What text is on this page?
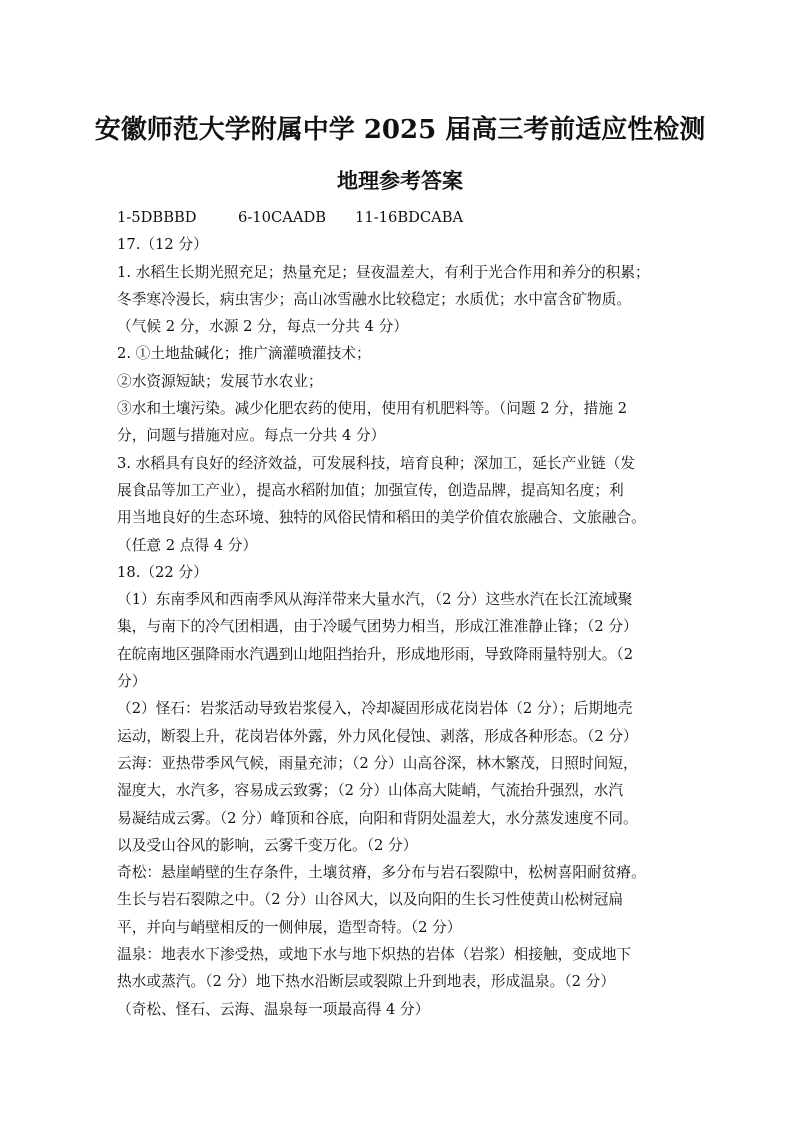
安徽师范大学附属中学 2025 届高三考前适应性检测
地理参考答案
1-5DBBBD	6-10CAADB	11-16BDCABA
17.（12 分）
1. 水稻生长期光照充足；热量充足；昼夜温差大，有利于光合作用和养分的积累；
冬季寒冷漫长，病虫害少；高山冰雪融水比较稳定；水质优；水中富含矿物质。
（气候 2 分，水源 2 分，每点一分共 4 分）
2. ①土地盐碱化；推广滴灌喷灌技术；
②水资源短缺；发展节水农业；
③水和土壤污染。减少化肥农药的使用，使用有机肥料等。（问题 2 分，措施 2
分，问题与措施对应。每点一分共 4 分）
3. 水稻具有良好的经济效益，可发展科技，培育良种；深加工，延长产业链（发
展食品等加工产业），提高水稻附加值；加强宣传，创造品牌，提高知名度；利
用当地良好的生态环境、独特的风俗民情和稻田的美学价值农旅融合、文旅融合。
（任意 2 点得 4 分）
18.（22 分）
（1）东南季风和西南季风从海洋带来大量水汽，（2 分）这些水汽在长江流域聚
集，与南下的冷气团相遇，由于冷暖气团势力相当，形成江淮准静止锋；（2 分）
在皖南地区强降雨水汽遇到山地阻挡抬升，形成地形雨，导致降雨量特别大。（2
分）
（2）怪石：岩浆活动导致岩浆侵入，冷却凝固形成花岗岩体（2 分）；后期地壳
运动，断裂上升，花岗岩体外露，外力风化侵蚀、剥落，形成各种形态。（2 分）
云海：亚热带季风气候，雨量充沛；（2 分）山高谷深，林木繁茂，日照时间短，
湿度大，水汽多，容易成云致雾；（2 分）山体高大陡峭，气流抬升强烈，水汽
易凝结成云雾。（2 分）峰顶和谷底，向阳和背阴处温差大，水分蒸发速度不同。
以及受山谷风的影响，云雾千变万化。（2 分）
奇松：悬崖峭壁的生存条件，土壤贫瘠，多分布与岩石裂隙中，松树喜阳耐贫瘠。
生长与岩石裂隙之中。（2 分）山谷风大，以及向阳的生长习性使黄山松树冠扁
平，并向与峭壁相反的一侧伸展，造型奇特。（2 分）
温泉：地表水下渗受热，或地下水与地下炽热的岩体（岩浆）相接触，变成地下
热水或蒸汽。（2 分）地下热水沿断层或裂隙上升到地表，形成温泉。（2 分）
（奇松、怪石、云海、温泉每一项最高得 4 分）
